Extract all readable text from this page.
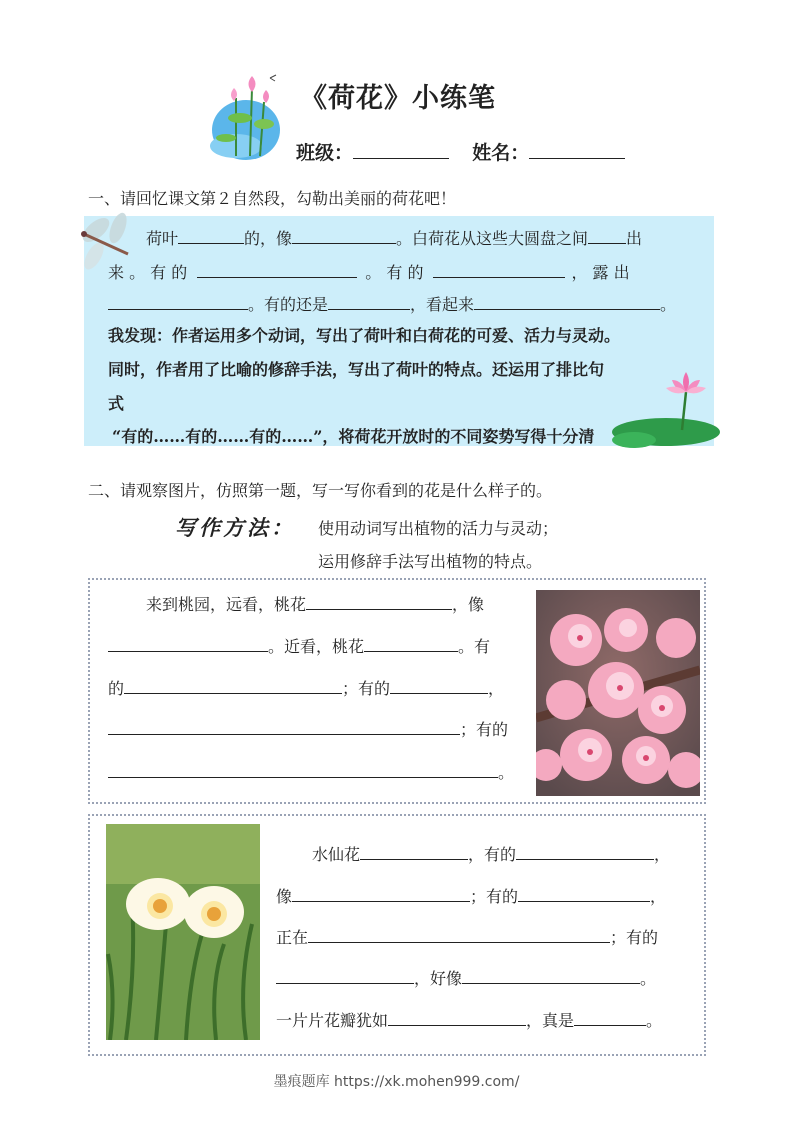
《荷花》小练笔
班级：	姓名：
一、请回忆课文第２自然段，勾勒出美丽的荷花吧！
荷叶	的，像	。白荷花从这些大圆盘之间 出
来 。 有 的	。 有 的	， 露 出
。有的还是	，看起来	。
我发现：作者运用多个动词，写出了荷叶和白荷花的可爱、活力与灵动。
同时，作者用了比喻的修辞手法，写出了荷叶的特点。还运用了排比句
式
“有的……有的……有的……”，将荷花开放时的不同姿势写得十分清
二、请观察图片，仿照第一题，写一写你看到的花是什么样子的。
写作方法： 使用动词写出植物的活力与灵动；
运用修辞手法写出植物的特点。
来到桃园，远看，桃花	，像
。近看，桃花	。有
的	；有的	，
；有的
。
水仙花	，有的	，
像	；有的	，
正在	；有的
，好像	。
一片片花瓣犹如	，真是	。
墨痕题库 https://xk.mohen999.com/
